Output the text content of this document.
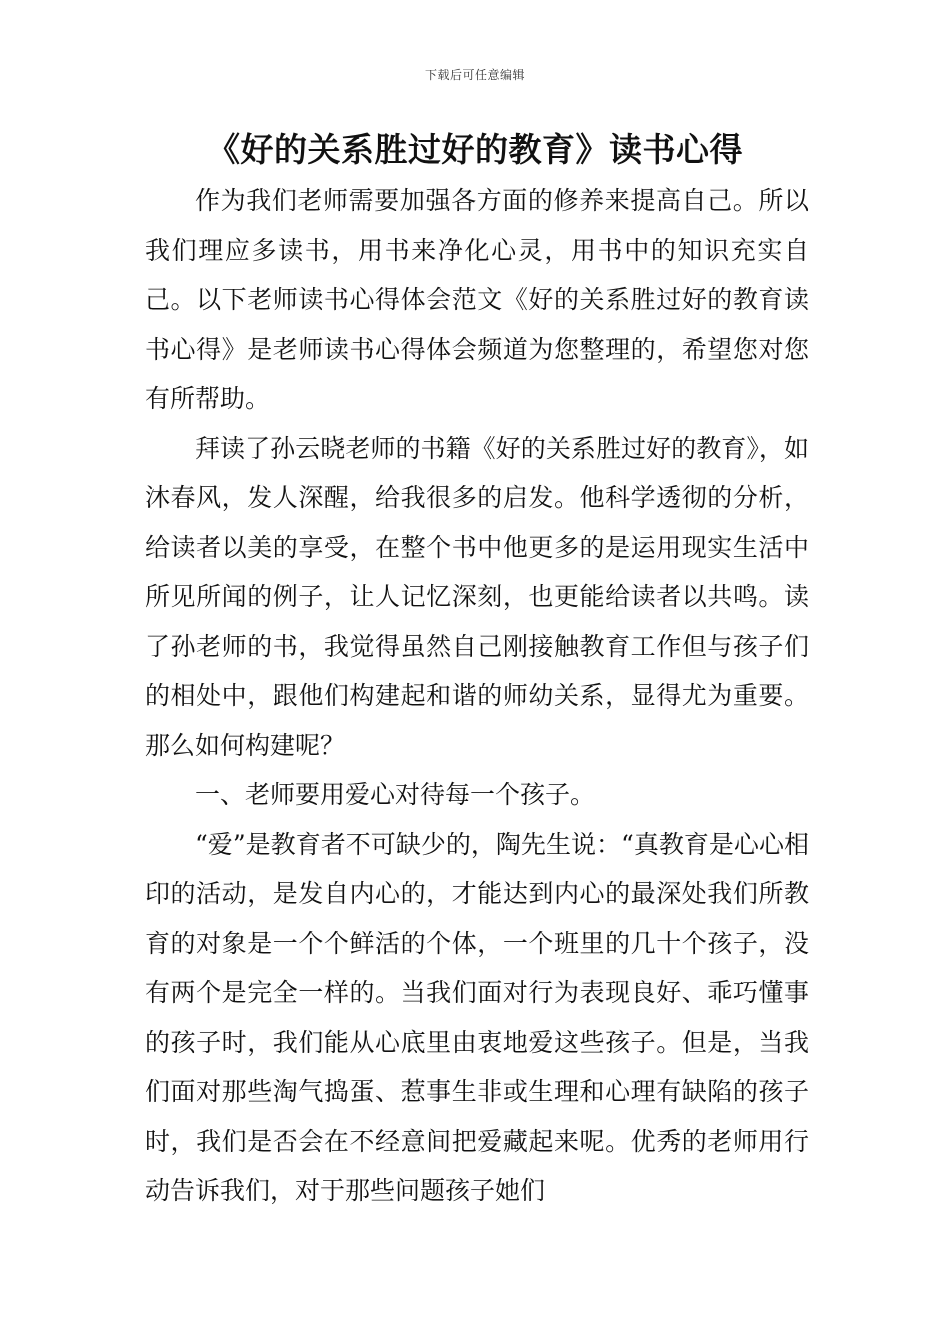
下载后可任意编辑
《好的关系胜过好的教育》读书心得

作为我们老师需要加强各方面的修养来提高自己。所以我们理应多读书，用书来净化心灵，用书中的知识充实自己。以下老师读书心得体会范文《好的关系胜过好的教育读书心得》是老师读书心得体会频道为您整理的，希望您对您有所帮助。

拜读了孙云晓老师的书籍《好的关系胜过好的教育》，如沐春风，发人深醒，给我很多的启发。他科学透彻的分析，给读者以美的享受，在整个书中他更多的是运用现实生活中所见所闻的例子，让人记忆深刻，也更能给读者以共鸣。读了孙老师的书，我觉得虽然自己刚接触教育工作但与孩子们的相处中，跟他们构建起和谐的师幼关系，显得尤为重要。那么如何构建呢？

一、老师要用爱心对待每一个孩子。

“爱”是教育者不可缺少的，陶先生说：“真教育是心心相印的活动，是发自内心的，才能达到内心的最深处我们所教育的对象是一个个鲜活的个体，一个班里的几十个孩子，没有两个是完全一样的。当我们面对行为表现良好、乖巧懂事的孩子时，我们能从心底里由衷地爱这些孩子。但是，当我们面对那些淘气捣蛋、惹事生非或生理和心理有缺陷的孩子时，我们是否会在不经意间把爱藏起来呢。优秀的老师用行动告诉我们，对于那些问题孩子她们
